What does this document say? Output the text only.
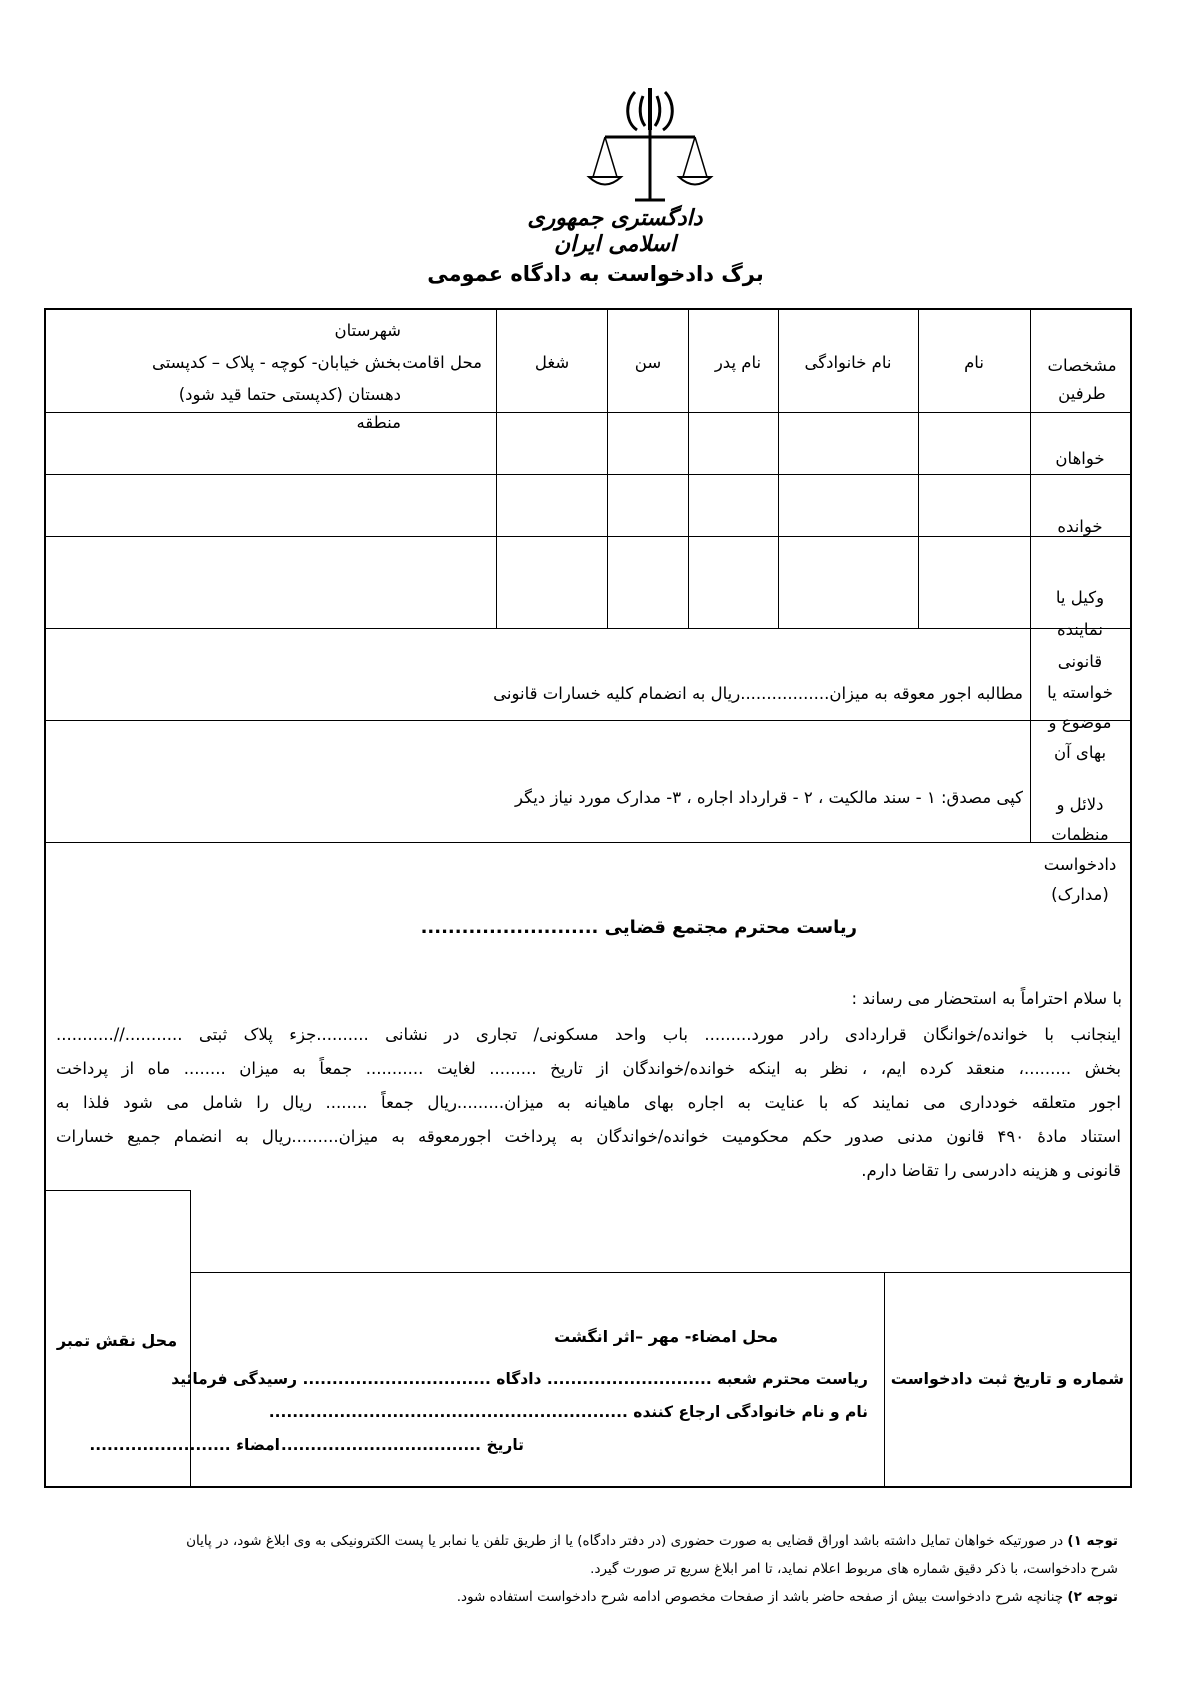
دادگستری جمهوری اسلامی ایران
برگ دادخواست به دادگاه عمومی
مشخصات طرفین
نام
نام خانوادگی
نام پدر
سن
شغل
محل اقامت
شهرستان
بخش خیابان- کوچه - پلاک – کدپستی
دهستان (کدپستی حتما قید شود)
منطقه
خواهان
خوانده
وکیل یا
نماینده
قانونی
خواسته یا
موضوع و
بهای آن
مطالبه اجور معوقه به میزان.................ریال به انضمام کلیه خسارات قانونی
دلائل و
منظمات
دادخواست
(مدارک)
کپی مصدق: ۱ - سند مالکیت ، ۲ - قرارداد اجاره ، ۳- مدارک مورد نیاز دیگر
ریاست محترم مجتمع قضایی ..........................
با سلام احتراماً به استحضار می رساند :
اینجانب با خوانده/خوانگان قراردادی رادر مورد......... باب واحد مسکونی/ تجاری در نشانی ..........جزء پلاک ثبتی ...........//...........
بخش .........، منعقد کرده ایم، ، نظر به اینکه خوانده/خواندگان از تاریخ ......... لغایت ........... جمعاً به میزان ........ ماه از پرداخت
اجور متعلقه خودداری می نمایند که با عنایت به اجاره بهای ماهیانه به میزان.........ریال جمعاً ........ ریال را شامل می شود فلذا به
استناد مادهٔ ۴۹۰ قانون مدنی صدور حکم محکومیت خوانده/خواندگان به پرداخت اجورمعوقه به میزان.........ریال به انضمام جمیع خسارات
قانونی و هزینه دادرسی را تقاضا دارم.
محل نقش تمبر	محل امضاء- مهر –اثر انگشت
شماره و تاریخ ثبت دادخواست
ریاست محترم شعبه ............................ دادگاه ................................ رسیدگی فرمائید
نام و نام خانوادگی ارجاع کننده .............................................................
تاریخ ..................................
امضاء ........................
توجه ۱) در صورتیکه خواهان تمایل داشته باشد اوراق قضایی به صورت حضوری (در دفتر دادگاه) یا از طریق تلفن یا نمابر یا پست الکترونیکی به وی ابلاغ شود، در پایان
شرح دادخواست، با ذکر دقیق شماره های مربوط اعلام نماید، تا امر ابلاغ سریع تر صورت گیرد.
توجه ۲) چنانچه شرح دادخواست بیش از صفحه حاضر باشد از صفحات مخصوص ادامه شرح دادخواست استفاده شود.
